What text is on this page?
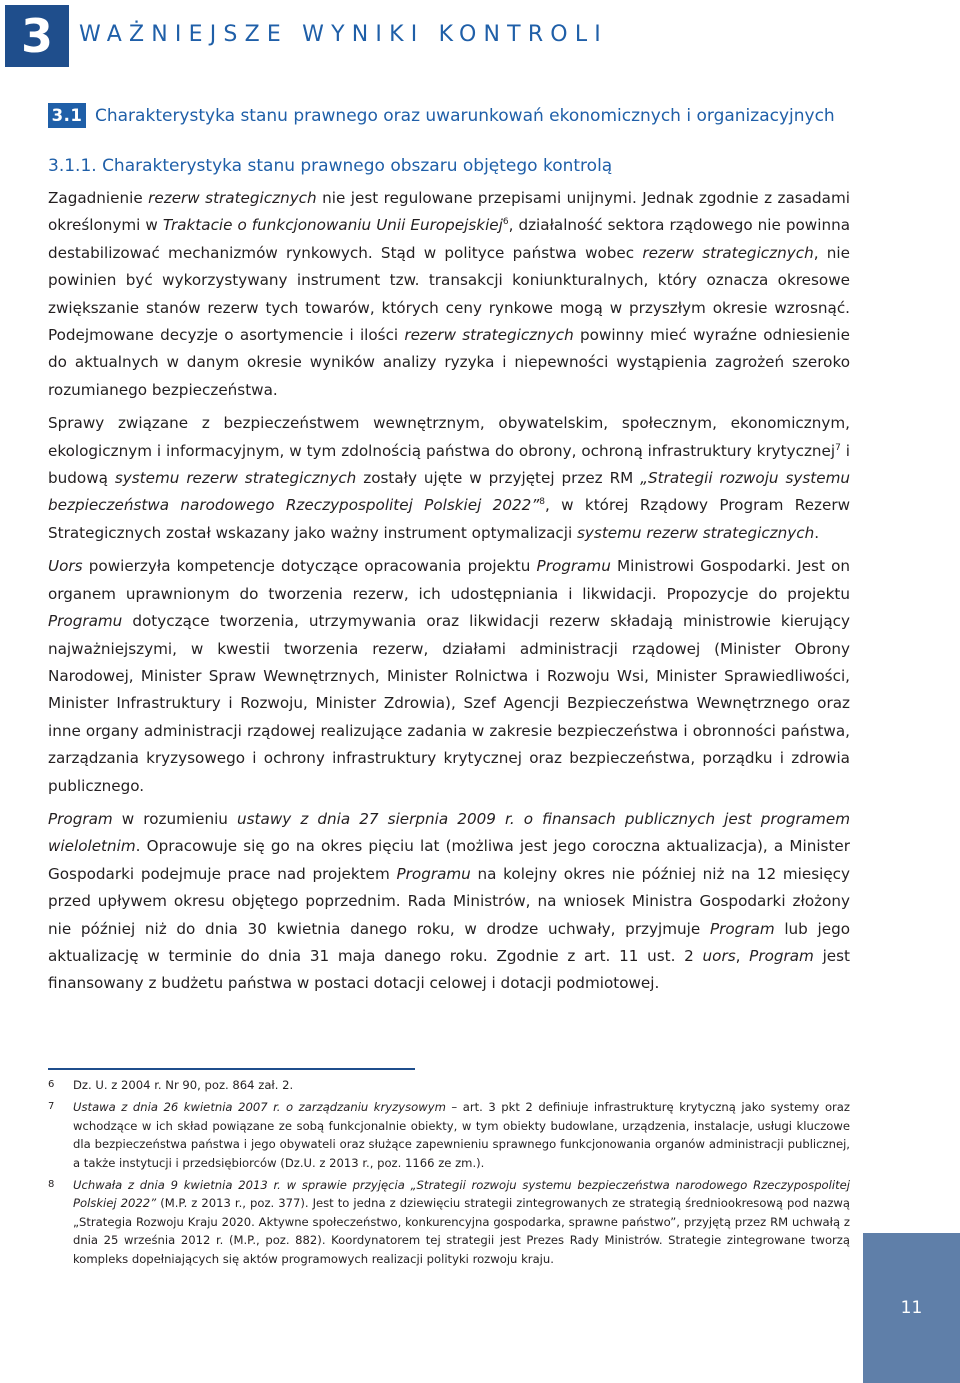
3 WAŻNIEJSZE WYNIKI KONTROLI
3.1 Charakterystyka stanu prawnego oraz uwarunkowań ekonomicznych i organizacyjnych
3.1.1. Charakterystyka stanu prawnego obszaru objętego kontrolą

Zagadnienie rezerw strategicznych nie jest regulowane przepisami unijnymi. Jednak zgodnie z zasadami określonymi w Traktacie o funkcjonowaniu Unii Europejskiej$^6$, działalność sektora rządowego nie powinna destabilizować mechanizmów rynkowych. Stąd w polityce państwa wobec rezerw strategicznych, nie powinien być wykorzystywany instrument tzw. transakcji koniunkturalnych, który oznacza okresowe zwiększanie stanów rezerw tych towarów, których ceny rynkowe mogą w przyszłym okresie wzrosnąć. Podejmowane decyzje o asortymencie i ilości rezerw strategicznych powinny mieć wyraźne odniesienie do aktualnych w danym okresie wyników analizy ryzyka i niepewności wystąpienia zagrożeń szeroko rozumianego bezpieczeństwa.

Sprawy związane z bezpieczeństwem wewnętrznym, obywatelskim, społecznym, ekonomicznym, ekologicznym i informacyjnym, w tym zdolnością państwa do obrony, ochroną infrastruktury krytycznej$^7$ i budową systemu rezerw strategicznych zostały ujęte w przyjętej przez RM „Strategii rozwoju systemu bezpieczeństwa narodowego Rzeczypospolitej Polskiej 2022”$^8$, w której Rządowy Program Rezerw Strategicznych został wskazany jako ważny instrument optymalizacji systemu rezerw strategicznych.

Uors powierzyła kompetencje dotyczące opracowania projektu Programu Ministrowi Gospodarki. Jest on organem uprawnionym do tworzenia rezerw, ich udostępniania i likwidacji. Propozycje do projektu Programu dotyczące tworzenia, utrzymywania oraz likwidacji rezerw składają ministrowie kierujący najważniejszymi, w kwestii tworzenia rezerw, działami administracji rządowej (Minister Obrony Narodowej, Minister Spraw Wewnętrznych, Minister Rolnictwa i Rozwoju Wsi, Minister Sprawiedliwości, Minister Infrastruktury i Rozwoju, Minister Zdrowia), Szef Agencji Bezpieczeństwa Wewnętrznego oraz inne organy administracji rządowej realizujące zadania w zakresie bezpieczeństwa i obronności państwa, zarządzania kryzysowego i ochrony infrastruktury krytycznej oraz bezpieczeństwa, porządku i zdrowia publicznego.

Program w rozumieniu ustawy z dnia 27 sierpnia 2009 r. o finansach publicznych jest programem wieloletnim. Opracowuje się go na okres pięciu lat (możliwa jest jego coroczna aktualizacja), a Minister Gospodarki podejmuje prace nad projektem Programu na kolejny okres nie później niż na 12 miesięcy przed upływem okresu objętego poprzednim. Rada Ministrów, na wniosek Ministra Gospodarki złożony nie później niż do dnia 30 kwietnia danego roku, w drodze uchwały, przyjmuje Program lub jego aktualizację w terminie do dnia 31 maja danego roku. Zgodnie z art. 11 ust. 2 uors, Program jest finansowany z budżetu państwa w postaci dotacji celowej i dotacji podmiotowej.

6	Dz. U. z 2004 r. Nr 90, poz. 864 zał. 2.
7	Ustawa z dnia 26 kwietnia 2007 r. o zarządzaniu kryzysowym – art. 3 pkt 2 definiuje infrastrukturę krytyczną jako systemy oraz wchodzące w ich skład powiązane ze sobą funkcjonalnie obiekty, w tym obiekty budowlane, urządzenia, instalacje, usługi kluczowe dla bezpieczeństwa państwa i jego obywateli oraz służące zapewnieniu sprawnego funkcjonowania organów administracji publicznej, a także instytucji i przedsiębiorców (Dz.U. z 2013 r., poz. 1166 ze zm.).
8	Uchwała z dnia 9 kwietnia 2013 r. w sprawie przyjęcia „Strategii rozwoju systemu bezpieczeństwa narodowego Rzeczypospolitej Polskiej 2022” (M.P. z 2013 r., poz. 377). Jest to jedna z dziewięciu strategii zintegrowanych ze strategią średniookresową pod nazwą „Strategia Rozwoju Kraju 2020. Aktywne społeczeństwo, konkurencyjna gospodarka, sprawne państwo”, przyjętą przez RM uchwałą z dnia 25 września 2012 r. (M.P., poz. 882). Koordynatorem tej strategii jest Prezes Rady Ministrów. Strategie zintegrowane tworzą kompleks dopełniających się aktów programowych realizacji polityki rozwoju kraju.
11
